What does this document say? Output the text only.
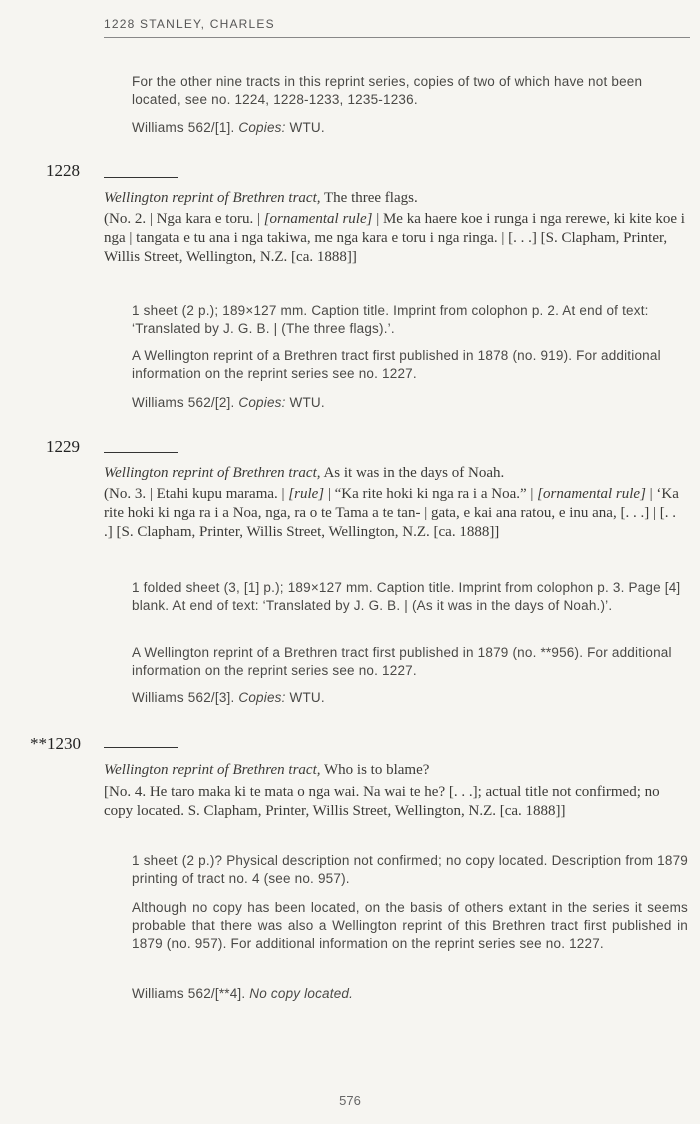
1228 STANLEY, CHARLES

For the other nine tracts in this reprint series, copies of two of which have not been located, see no. 1224, 1228-1233, 1235-1236.

Williams 562/[1]. Copies: WTU.

1228

Wellington reprint of Brethren tract, The three flags.

(No. 2. | Nga kara e toru. | [ornamental rule] | Me ka haere koe i runga i nga rerewe, ki kite koe i nga | tangata e tu ana i nga takiwa, me nga kara e toru i nga ringa. | [. . .] [S. Clapham, Printer, Willis Street, Wellington, N.Z. [ca. 1888]]

1 sheet (2 p.); 189×127 mm. Caption title. Imprint from colophon p. 2. At end of text: ‘Translated by J. G. B. | (The three flags).’.

A Wellington reprint of a Brethren tract first published in 1878 (no. 919). For additional information on the reprint series see no. 1227.

Williams 562/[2]. Copies: WTU.

1229

Wellington reprint of Brethren tract, As it was in the days of Noah.

(No. 3. | Etahi kupu marama. | [rule] | “Ka rite hoki ki nga ra i a Noa.” | [ornamental rule] | ‘Ka rite hoki ki nga ra i a Noa, nga, ra o te Tama a te tan- | gata, e kai ana ratou, e inu ana, [. . .] | [. . .] [S. Clapham, Printer, Willis Street, Wellington, N.Z. [ca. 1888]]

1 folded sheet (3, [1] p.); 189×127 mm. Caption title. Imprint from colophon p. 3. Page [4] blank. At end of text: ‘Translated by J. G. B. | (As it was in the days of Noah.)’.

A Wellington reprint of a Brethren tract first published in 1879 (no. **956). For additional information on the reprint series see no. 1227.

Williams 562/[3]. Copies: WTU.

**1230

Wellington reprint of Brethren tract, Who is to blame?

[No. 4. He taro maka ki te mata o nga wai. Na wai te he? [. . .]; actual title not confirmed; no copy located. S. Clapham, Printer, Willis Street, Wellington, N.Z. [ca. 1888]]

1 sheet (2 p.)? Physical description not confirmed; no copy located. Description from 1879 printing of tract no. 4 (see no. 957).

Although no copy has been located, on the basis of others extant in the series it seems probable that there was also a Wellington reprint of this Brethren tract first published in 1879 (no. 957). For additional information on the reprint series see no. 1227.

Williams 562/[**4]. No copy located.

576
